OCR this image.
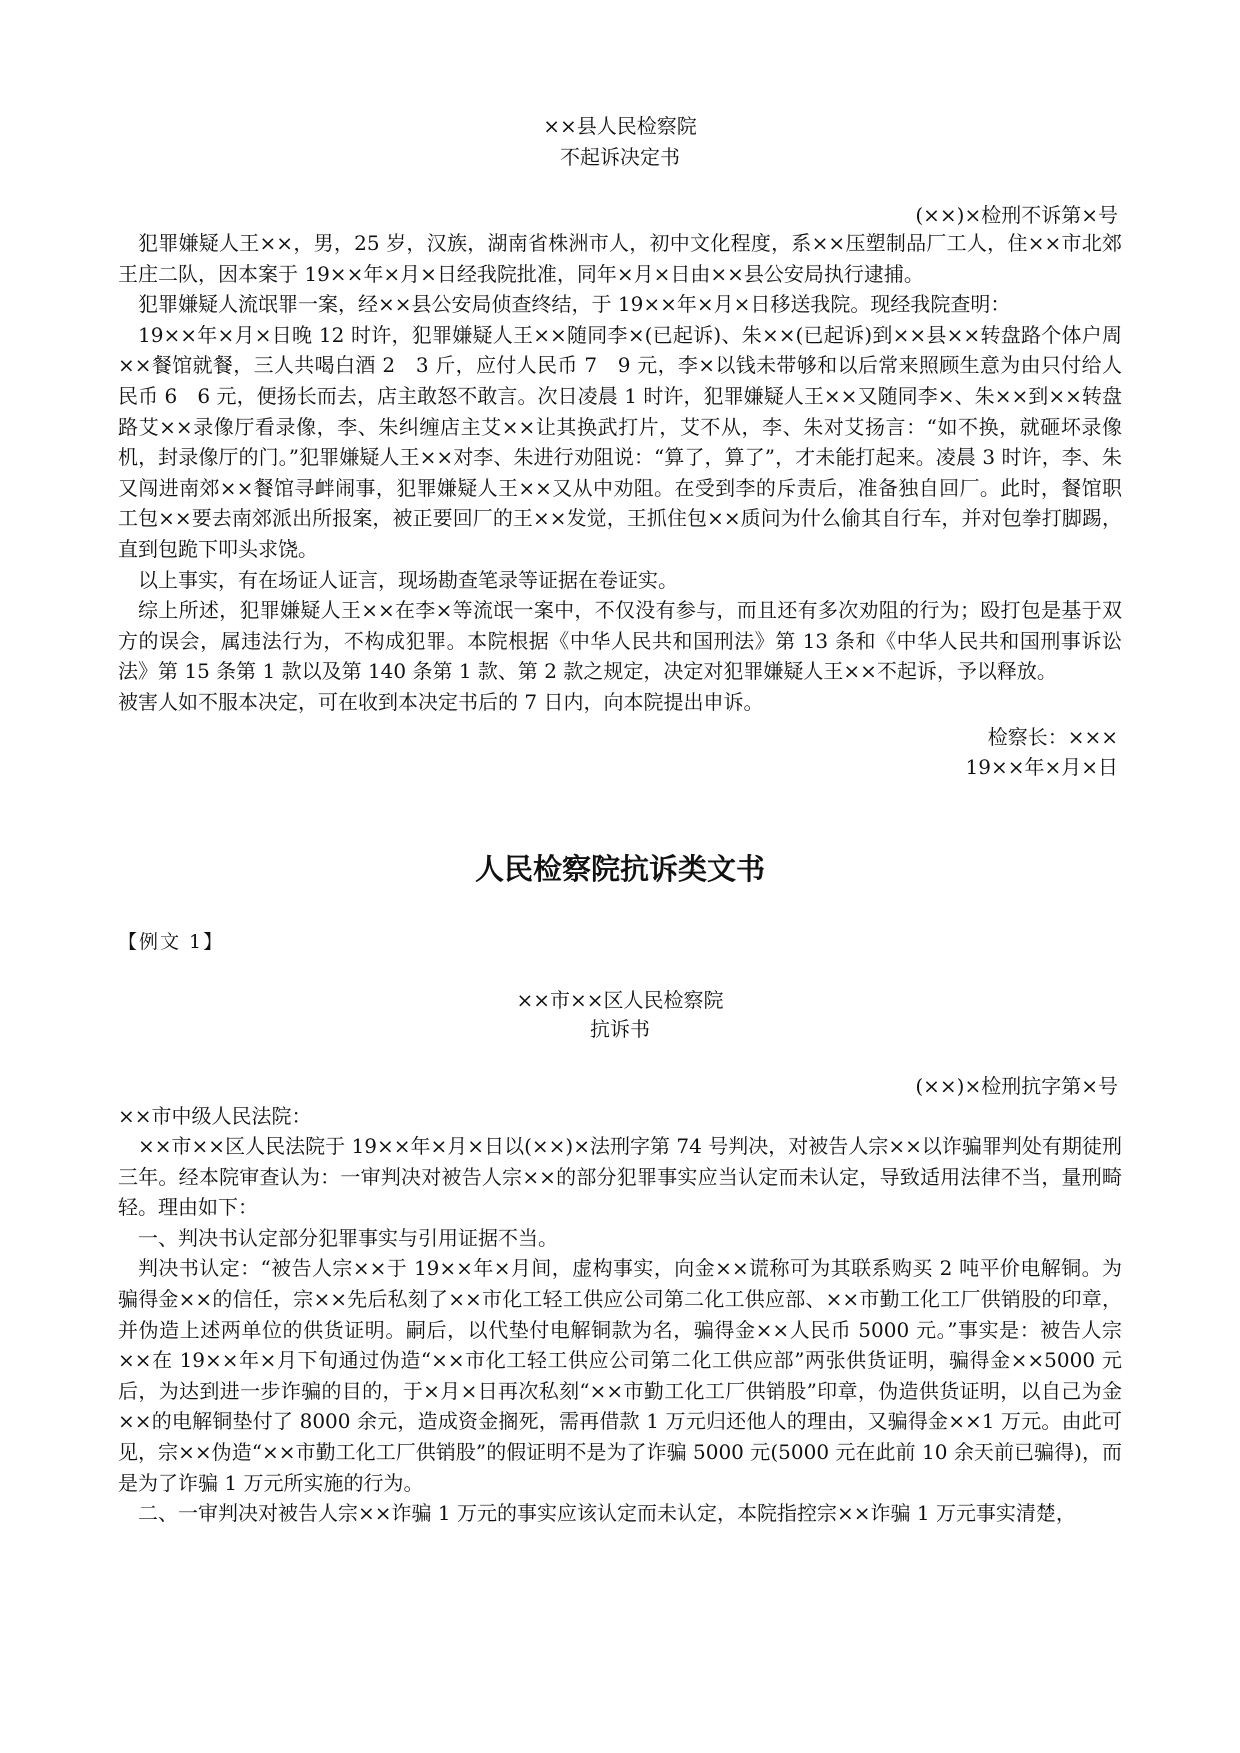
××县人民检察院
不起诉决定书
(××)×检刑不诉第×号

犯罪嫌疑人王××，男，25 岁，汉族，湖南省株洲市人，初中文化程度，系××压塑制品厂工人，住××市北郊王庄二队，因本案于 19××年×月×日经我院批准，同年×月×日由××县公安局执行逮捕。

犯罪嫌疑人流氓罪一案，经××县公安局侦查终结，于 19××年×月×日移送我院。现经我院查明：

19××年×月×日晚 12 时许，犯罪嫌疑人王××随同李×(已起诉)、朱××(已起诉)到××县××转盘路个体户周××餐馆就餐，三人共喝白酒 2　3 斤，应付人民币 7　9 元，李×以钱未带够和以后常来照顾生意为由只付给人民币 6　6 元，便扬长而去，店主敢怒不敢言。次日凌晨 1 时许，犯罪嫌疑人王××又随同李×、朱××到××转盘路艾××录像厅看录像，李、朱纠缠店主艾××让其换武打片，艾不从，李、朱对艾扬言：“如不换，就砸坏录像机，封录像厅的门。”犯罪嫌疑人王××对李、朱进行劝阻说：“算了，算了”，才未能打起来。凌晨 3 时许，李、朱又闯进南郊××餐馆寻衅闹事，犯罪嫌疑人王××又从中劝阻。在受到李的斥责后，准备独自回厂。此时，餐馆职工包××要去南郊派出所报案，被正要回厂的王××发觉，王抓住包××质问为什么偷其自行车，并对包拳打脚踢，直到包跪下叩头求饶。

以上事实，有在场证人证言，现场勘查笔录等证据在卷证实。

综上所述，犯罪嫌疑人王××在李×等流氓一案中，不仅没有参与，而且还有多次劝阻的行为；殴打包是基于双方的误会，属违法行为，不构成犯罪。本院根据《中华人民共和国刑法》第 13 条和《中华人民共和国刑事诉讼法》第 15 条第 1 款以及第 140 条第 1 款、第 2 款之规定，决定对犯罪嫌疑人王××不起诉，予以释放。

被害人如不服本决定，可在收到本决定书后的 7 日内，向本院提出申诉。

检察长：×××
19××年×月×日
人民检察院抗诉类文书
【例文 1】
××市××区人民检察院
抗诉书
(××)×检刑抗字第×号
××市中级人民法院：

××市××区人民法院于 19××年×月×日以(××)×法刑字第 74 号判决，对被告人宗××以诈骗罪判处有期徒刑三年。经本院审查认为：一审判决对被告人宗××的部分犯罪事实应当认定而未认定，导致适用法律不当，量刑畸轻。理由如下：

一、判决书认定部分犯罪事实与引用证据不当。

判决书认定：“被告人宗××于 19××年×月间，虚构事实，向金××谎称可为其联系购买 2 吨平价电解铜。为骗得金××的信任，宗××先后私刻了××市化工轻工供应公司第二化工供应部、××市勤工化工厂供销股的印章，并伪造上述两单位的供货证明。嗣后，以代垫付电解铜款为名，骗得金××人民币 5000 元。”事实是：被告人宗××在 19××年×月下旬通过伪造“××市化工轻工供应公司第二化工供应部”两张供货证明，骗得金××5000 元后，为达到进一步诈骗的目的，于×月×日再次私刻“××市勤工化工厂供销股”印章，伪造供货证明，以自己为金××的电解铜垫付了 8000 余元，造成资金搁死，需再借款 1 万元归还他人的理由，又骗得金××1 万元。由此可见，宗××伪造“××市勤工化工厂供销股”的假证明不是为了诈骗 5000 元(5000 元在此前 10 余天前已骗得)，而是为了诈骗 1 万元所实施的行为。

二、一审判决对被告人宗××诈骗 1 万元的事实应该认定而未认定，本院指控宗××诈骗 1 万元事实清楚，
